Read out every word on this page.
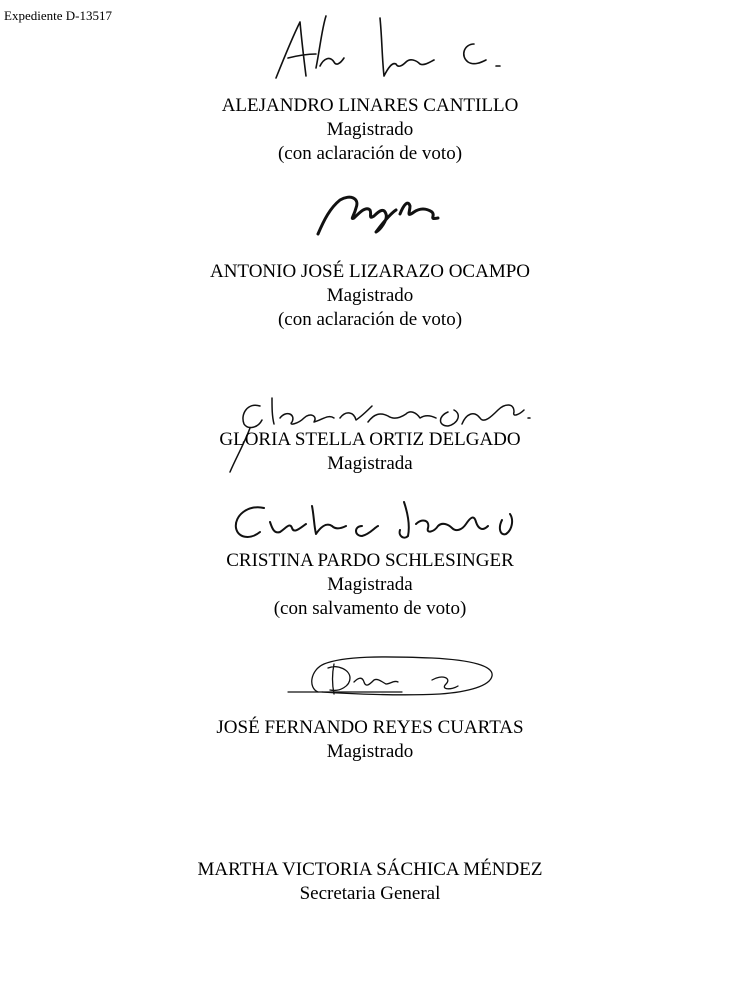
Expediente D-13517
ALEJANDRO LINARES CANTILLO
Magistrado
(con aclaración de voto)
ANTONIO JOSÉ LIZARAZO OCAMPO
Magistrado
(con aclaración de voto)
GLORIA STELLA ORTIZ DELGADO
Magistrada
CRISTINA PARDO SCHLESINGER
Magistrada
(con salvamento de voto)
JOSÉ FERNANDO REYES CUARTAS
Magistrado
MARTHA VICTORIA SÁCHICA MÉNDEZ
Secretaria General
